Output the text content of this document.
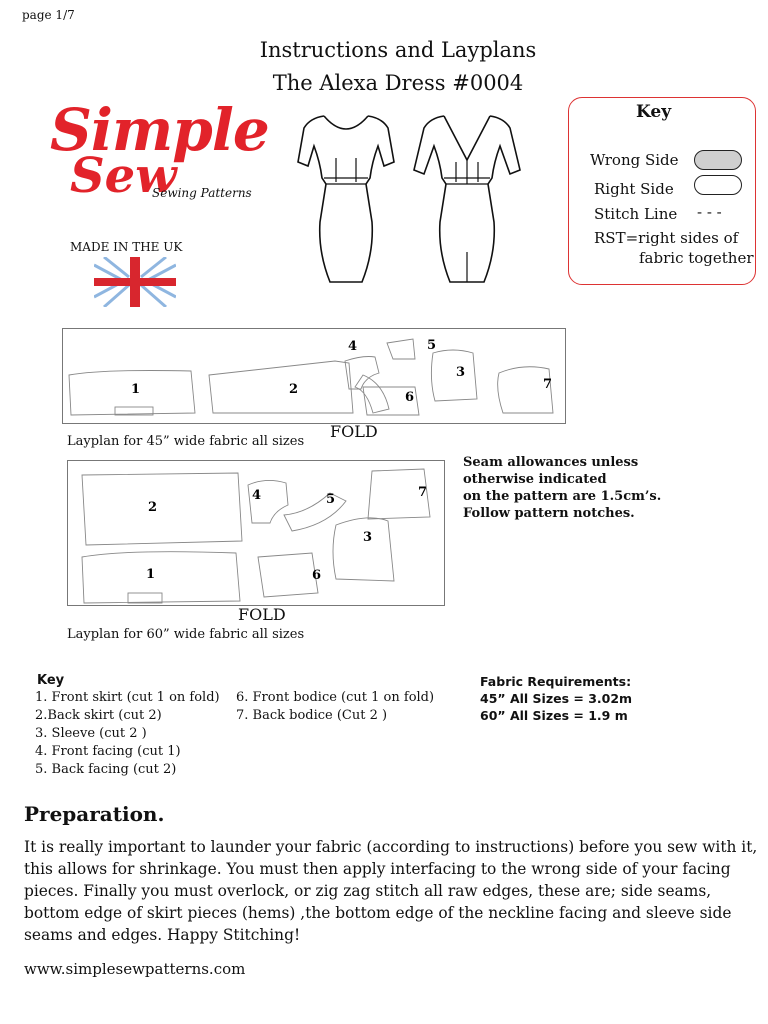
page 1/7
Instructions and Layplans
The Alexa Dress #0004
Simple
Sew
Sewing Patterns
MADE IN THE UK
Key
Wrong Side
Right Side
Stitch Line - - -
RST=right sides of
fabric together
1	2
4	5
3
6
7
FOLD
Layplan for 45” wide fabric all sizes
Seam allowances unless
otherwise indicated
on the pattern are 1.5cm’s.
Follow pattern notches.
2
4	5	7
3
1	6
FOLD
Layplan for 60” wide fabric all sizes
Key
1. Front skirt (cut 1 on fold)
2.Back skirt (cut 2)
3. Sleeve (cut 2 )
4. Front facing (cut 1)
5. Back facing (cut 2)
6. Front bodice (cut 1 on fold)
7. Back bodice (Cut 2 )
Fabric Requirements:
45” All Sizes = 3.02m
60” All Sizes = 1.9 m
Preparation.
It is really important to launder your fabric (according to instructions) before you sew with it, this allows for shrinkage. You must then apply interfacing to the wrong side of your facing pieces. Finally you must overlock, or zig zag stitch all raw edges, these are; side seams, bottom edge of skirt pieces (hems) ,the bottom edge of the neckline facing and sleeve side seams and edges. Happy Stitching!
www.simplesewpatterns.com
